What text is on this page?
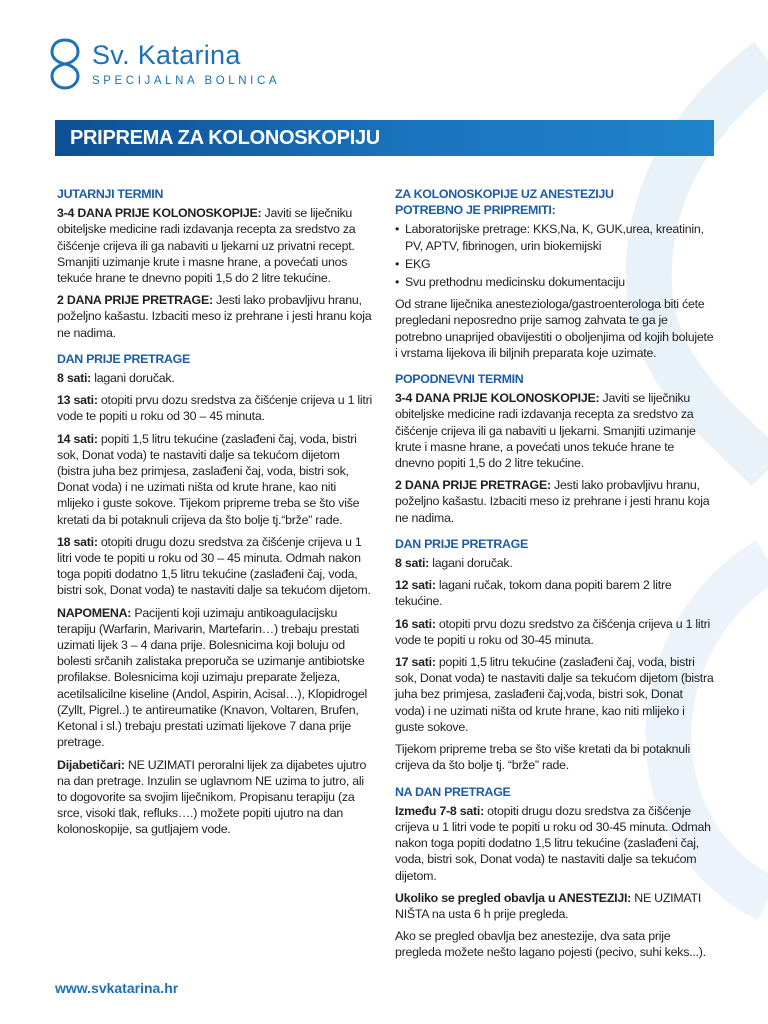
Sv. Katarina
SPECIJALNA BOLNICA
PRIPREMA ZA KOLONOSKOPIJU
JUTARNJI TERMIN

3-4 DANA PRIJE KOLONOSKOPIJE: Javiti se liječniku obiteljske medicine radi izdavanja recepta za sredstvo za čišćenje crijeva ili ga nabaviti u ljekarni uz privatni recept. Smanjiti uzimanje krute i masne hrane, a povećati unos tekuće hrane te dnevno popiti 1,5 do 2 litre tekućine.

2 DANA PRIJE PRETRAGE: Jesti lako probavljivu hranu, poželjno kašastu. Izbaciti meso iz prehrane i jesti hranu koja ne nadima.

DAN PRIJE PRETRAGE

8 sati: lagani doručak.

13 sati: otopiti prvu dozu sredstva za čišćenje crijeva u 1 litri vode te popiti u roku od 30 – 45 minuta.

14 sati: popiti 1,5 litru tekućine (zaslađeni čaj, voda, bistri sok, Donat voda) te nastaviti dalje sa tekućom dijetom (bistra juha bez primjesa, zaslađeni čaj, voda, bistri sok, Donat voda) i ne uzimati ništa od krute hrane, kao niti mlijeko i guste sokove. Tijekom pripreme treba se što više kretati da bi potaknuli crijeva da što bolje tj.“brže” rade.

18 sati: otopiti drugu dozu sredstva za čišćenje crijeva u 1 litri vode te popiti u roku od 30 – 45 minuta. Odmah nakon toga popiti dodatno 1,5 litru tekućine (zaslađeni čaj, voda, bistri sok, Donat voda) te nastaviti dalje sa tekućom dijetom.

NAPOMENA: Pacijenti koji uzimaju antikoagulacijsku terapiju (Warfarin, Marivarin, Martefarin…) trebaju prestati uzimati lijek 3 – 4 dana prije. Bolesnicima koji boluju od bolesti srčanih zalistaka preporuča se uzimanje antibiotske profilakse. Bolesnicima koji uzimaju preparate željeza, acetilsalicilne kiseline (Andol, Aspirin, Acisal…), Klopidrogel (Zyllt, Pigrel..) te antireumatike (Knavon, Voltaren, Brufen, Ketonal i sl.) trebaju prestati uzimati lijekove 7 dana prije pretrage.

Dijabetičari: NE UZIMATI peroralni lijek za dijabetes ujutro na dan pretrage. Inzulin se uglavnom NE uzima to jutro, ali to dogovorite sa svojim liječnikom. Propisanu terapiju (za srce, visoki tlak, refluks….) možete popiti ujutro na dan kolonoskopije, sa gutljajem vode.

ZA KOLONOSKOPIJE UZ ANESTEZIJU
POTREBNO JE PRIPREMITI:
• Laboratorijske pretrage: KKS,Na, K, GUK,urea, kreatinin, PV, APTV, fibrinogen, urin biokemijski
• EKG
• Svu prethodnu medicinsku dokumentaciju

Od strane liječnika anesteziologa/gastroenterologa biti ćete pregledani neposredno prije samog zahvata te ga je potrebno unaprijed obavijestiti o oboljenjima od kojih bolujete i vrstama lijekova ili biljnih preparata koje uzimate.

POPODNEVNI TERMIN

3-4 DANA PRIJE KOLONOSKOPIJE: Javiti se liječniku obiteljske medicine radi izdavanja recepta za sredstvo za čišćenje crijeva ili ga nabaviti u ljekarni. Smanjiti uzimanje krute i masne hrane, a povećati unos tekuće hrane te dnevno popiti 1,5 do 2 litre tekućine.

2 DANA PRIJE PRETRAGE: Jesti lako probavljivu hranu, poželjno kašastu. Izbaciti meso iz prehrane i jesti hranu koja ne nadima.

DAN PRIJE PRETRAGE

8 sati: lagani doručak.

12 sati: lagani ručak, tokom dana popiti barem 2 litre tekućine.

16 sati: otopiti prvu dozu sredstvo za čišćenja crijeva u 1 litri vode te popiti u roku od 30-45 minuta.

17 sati: popiti 1,5 litru tekućine (zaslađeni čaj, voda, bistri sok, Donat voda) te nastaviti dalje sa tekućom dijetom (bistra juha bez primjesa, zaslađeni čaj,voda, bistri sok, Donat voda) i ne uzimati ništa od krute hrane, kao niti mlijeko i guste sokove.

Tijekom pripreme treba se što više kretati da bi potaknuli crijeva da što bolje tj. “brže” rade.

NA DAN PRETRAGE

Između 7-8 sati: otopiti drugu dozu sredstva za čišćenje crijeva u 1 litri vode te popiti u roku od 30-45 minuta. Odmah nakon toga popiti dodatno 1,5 litru tekućine (zaslađeni čaj, voda, bistri sok, Donat voda) te nastaviti dalje sa tekućom dijetom.

Ukoliko se pregled obavlja u ANESTEZIJI: NE UZIMATI NIŠTA na usta 6 h prije pregleda.

Ako se pregled obavlja bez anestezije, dva sata prije pregleda možete nešto lagano pojesti (pecivo, suhi keks...).

www.svkatarina.hr
